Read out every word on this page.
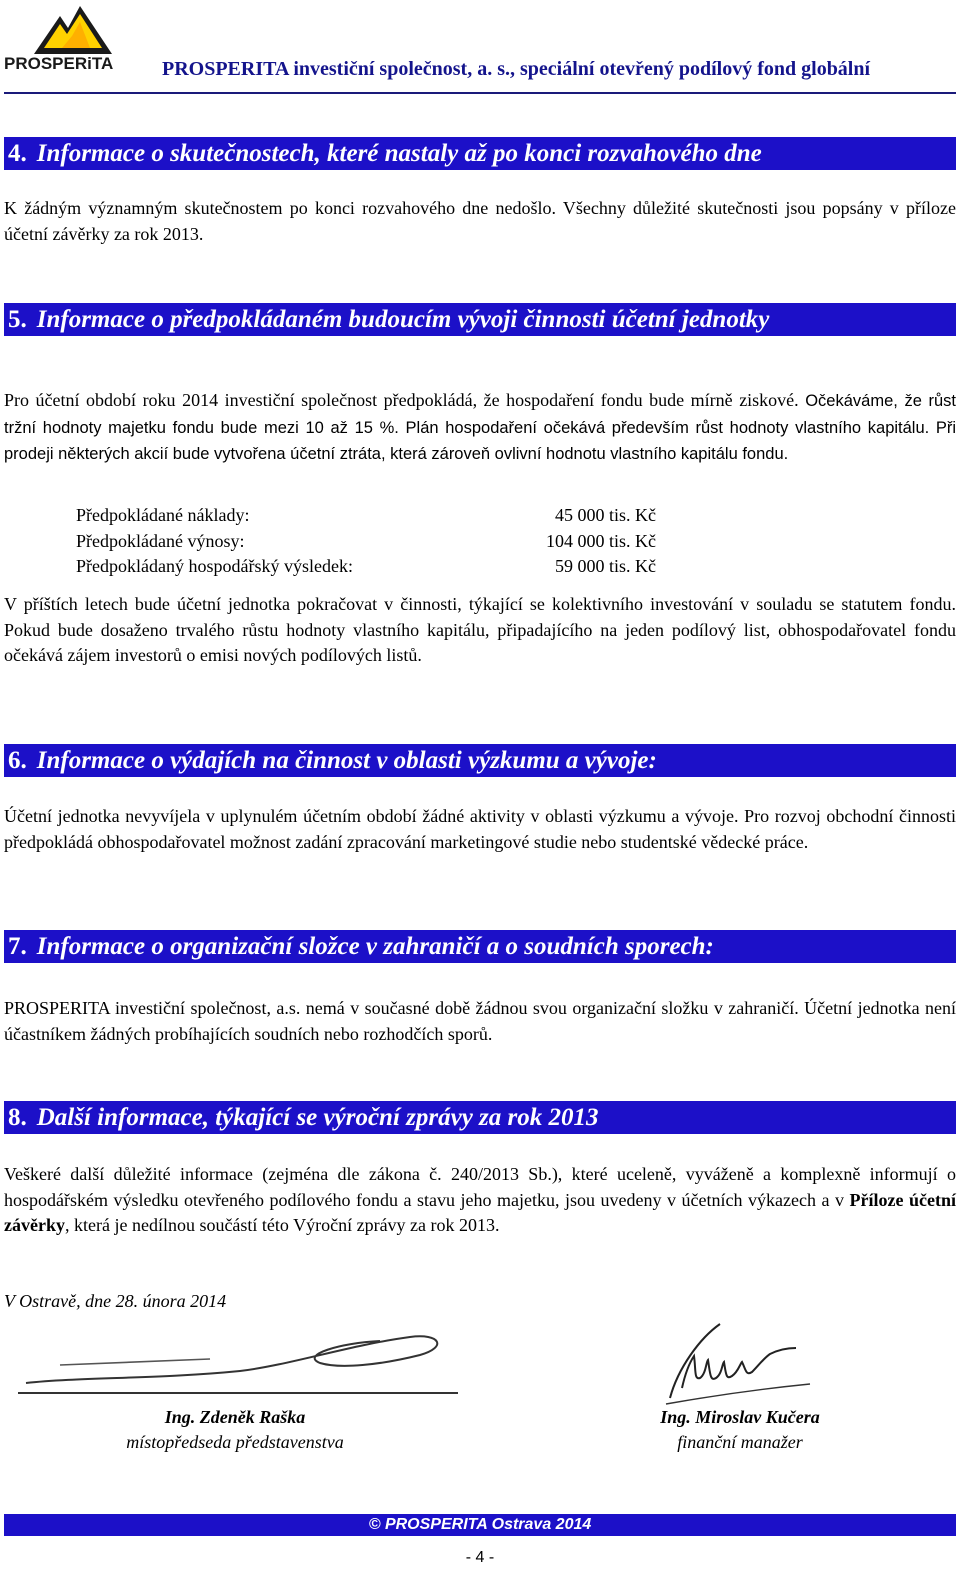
PROSPERiTA	PROSPERITA investiční společnost, a. s., speciální otevřený podílový fond globální
4. Informace o skutečnostech, které nastaly až po konci rozvahového dne

K žádným významným skutečnostem po konci rozvahového dne nedošlo. Všechny důležité skutečnosti jsou popsány v příloze účetní závěrky za rok 2013.

5. Informace o předpokládaném budoucím vývoji činnosti účetní jednotky

Pro účetní období roku 2014 investiční společnost předpokládá, že hospodaření fondu bude mírně ziskové. Očekáváme, že růst tržní hodnoty majetku fondu bude mezi 10 až 15 %. Plán hospodaření očekává především růst hodnoty vlastního kapitálu. Při prodeji některých akcií bude vytvořena účetní ztráta, která zároveň ovlivní hodnotu vlastního kapitálu fondu.

Předpokládané náklady:	45 000 tis. Kč
Předpokládané výnosy:	104 000 tis. Kč
Předpokládaný hospodářský výsledek:	59 000 tis. Kč

V příštích letech bude účetní jednotka pokračovat v činnosti, týkající se kolektivního investování v souladu se statutem fondu. Pokud bude dosaženo trvalého růstu hodnoty vlastního kapitálu, připadajícího na jeden podílový list, obhospodařovatel fondu očekává zájem investorů o emisi nových podílových listů.

6. Informace o výdajích na činnost v oblasti výzkumu a vývoje:

Účetní jednotka nevyvíjela v uplynulém účetním období žádné aktivity v oblasti výzkumu a vývoje. Pro rozvoj obchodní činnosti předpokládá obhospodařovatel možnost zadání zpracování marketingové studie nebo studentské vědecké práce.

7. Informace o organizační složce v zahraničí a o soudních sporech:

PROSPERITA investiční společnost, a.s. nemá v současné době žádnou svou organizační složku v zahraničí. Účetní jednotka není účastníkem žádných probíhajících soudních nebo rozhodčích sporů.

8. Další informace, týkající se výroční zprávy za rok 2013

Veškeré další důležité informace (zejména dle zákona č. 240/2013 Sb.), které uceleně, vyváženě a komplexně informují o hospodářském výsledku otevřeného podílového fondu a stavu jeho majetku, jsou uvedeny v účetních výkazech a v Příloze účetní závěrky, která je nedílnou součástí této Výroční zprávy za rok 2013.

V Ostravě, dne 28. února 2014
Ing. Zdeněk Raška
místopředseda představenstva
Ing. Miroslav Kučera
finanční manažer
© PROSPERITA Ostrava 2014
- 4 -
